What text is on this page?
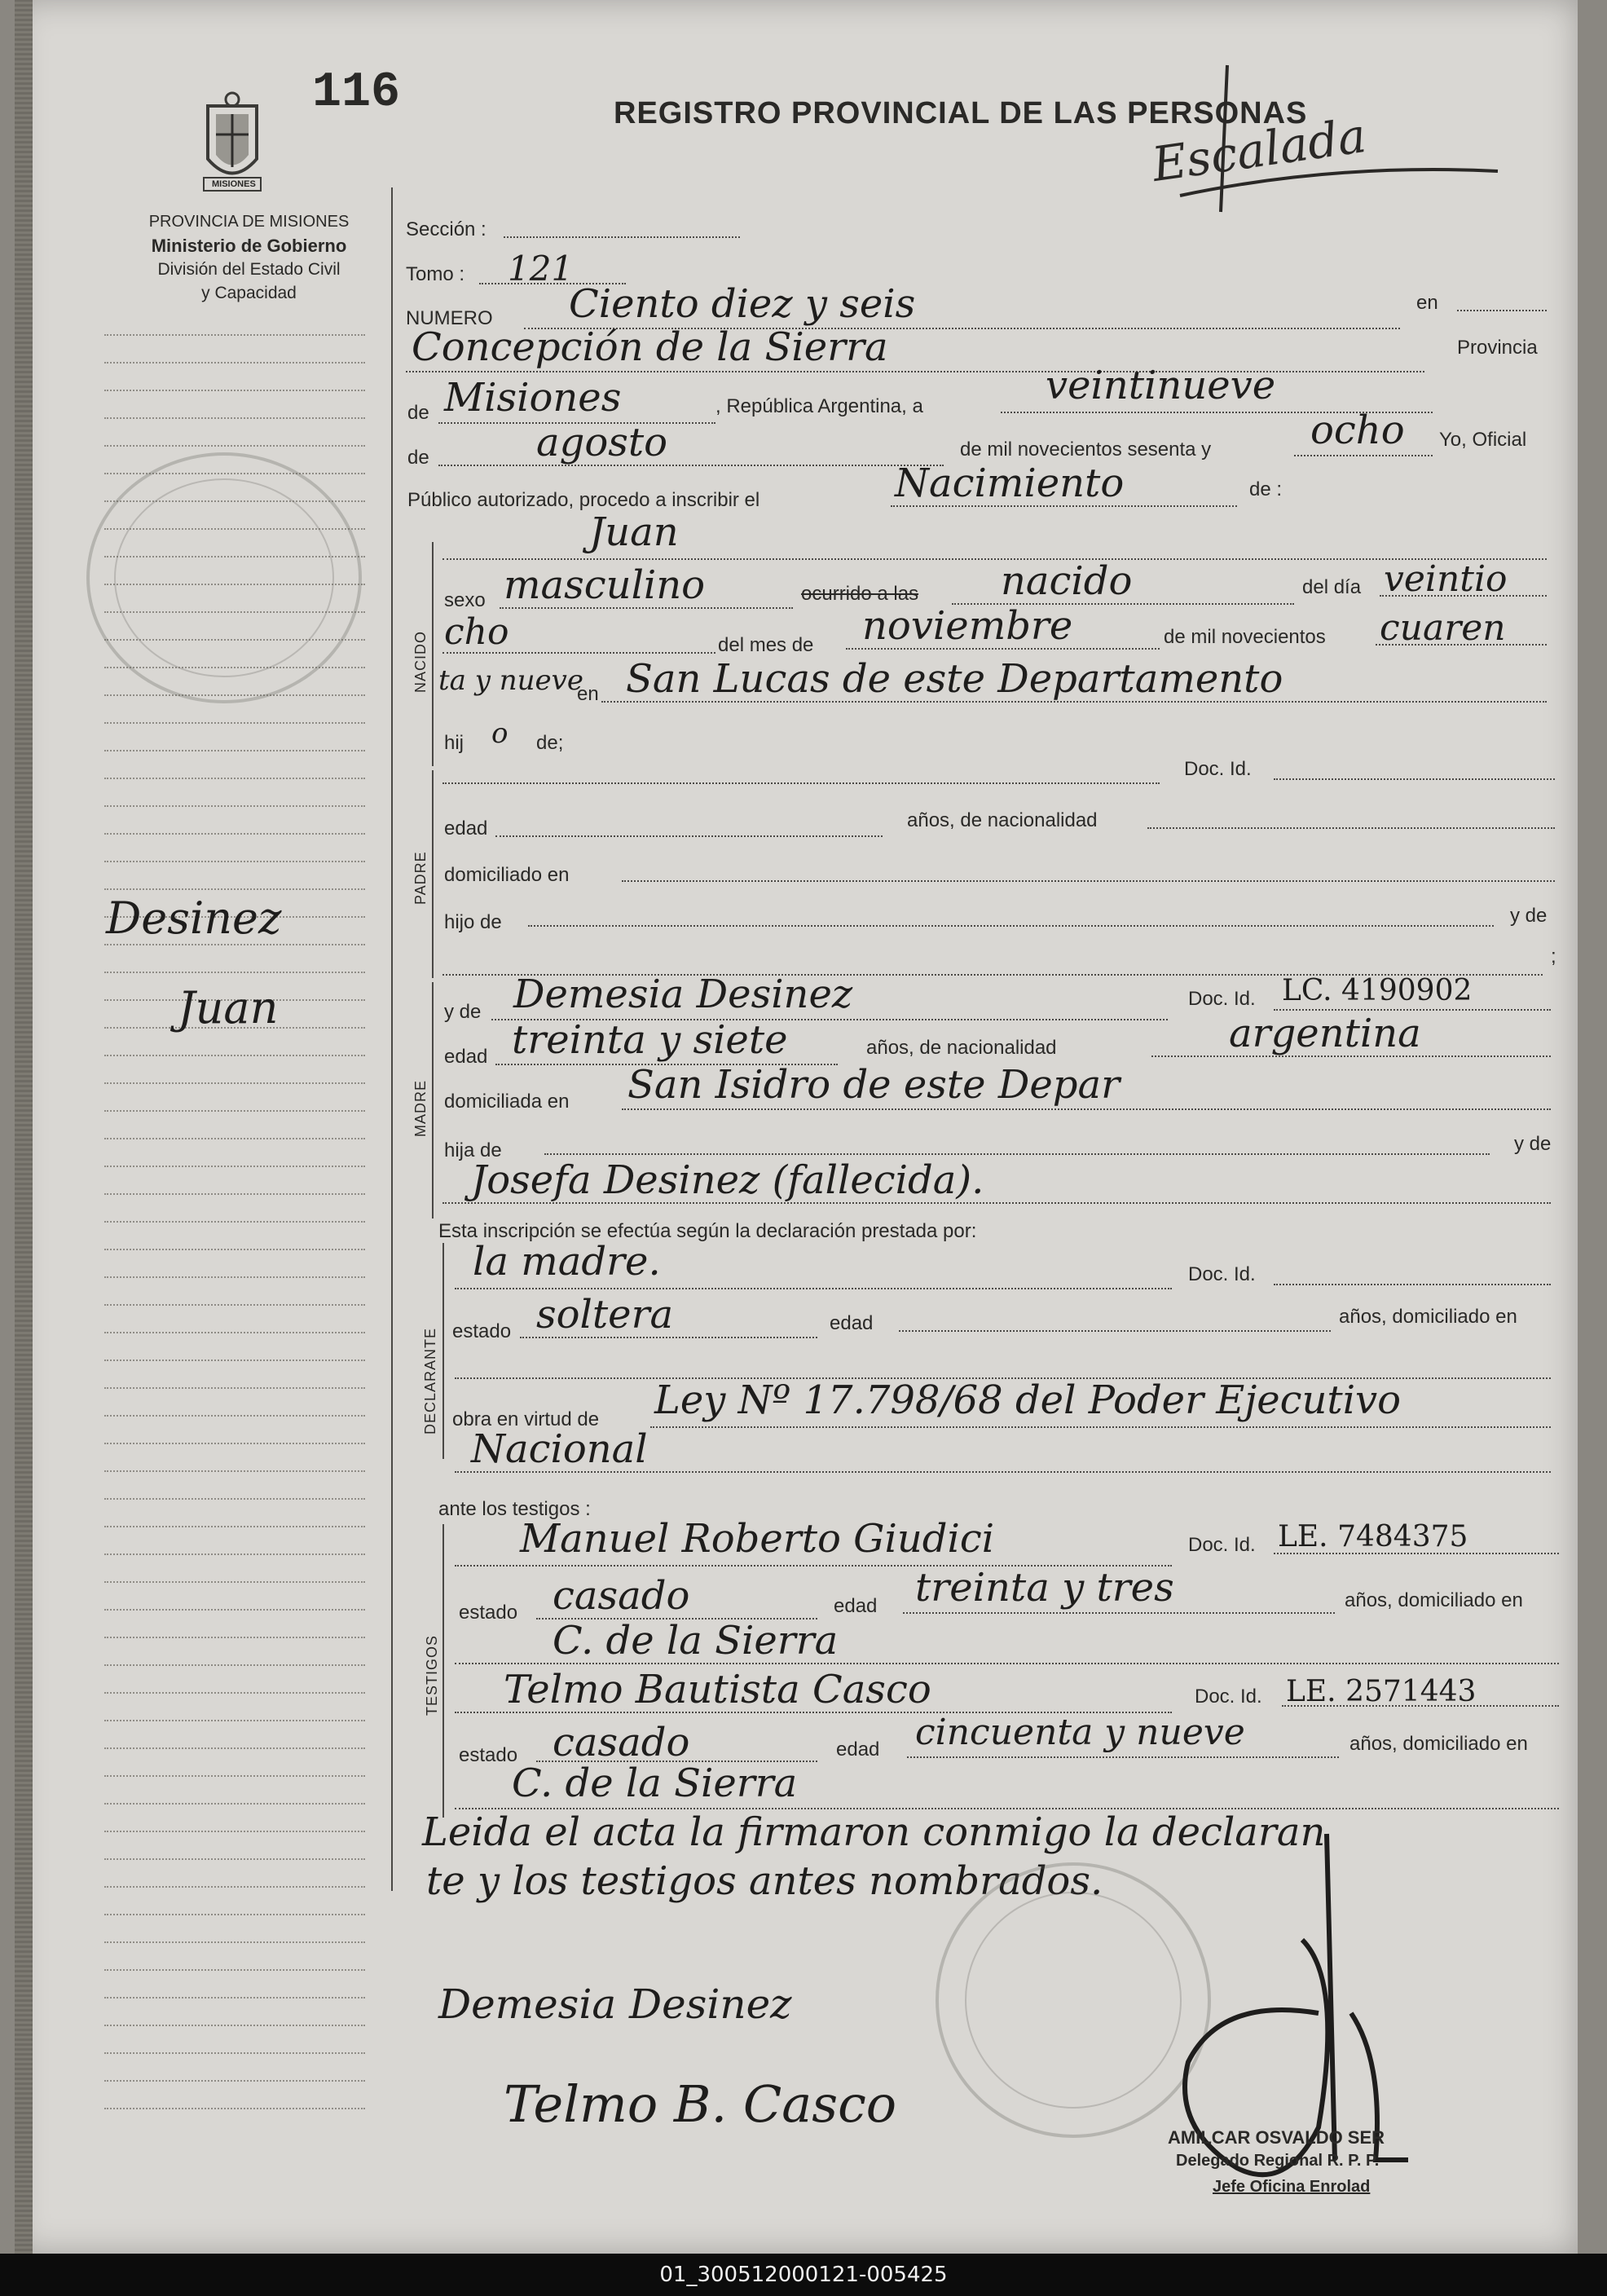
MISIONES
116	REGISTRO PROVINCIAL DE LAS PERSONAS
PROVINCIA DE MISIONES
Ministerio de Gobierno
División del Estado Civil
y Capacidad
Desinez
Juan
Escalada
Sección :
Tomo : 121
NUMERO Ciento diez y seis	en
Concepción de la Sierra	Provincia
de Misiones	, República Argentina, a	veintinueve
de	agosto	de mil novecientos sesenta y	ocho Yo, Oficial
Público autorizado, procedo a inscribir el	Nacimiento	de :
NACIDO
Juan
sexo masculino	ocurrido a las nacido	del día veintio
cho	del mes de noviembre	de mil novecientos cuaren
ta y nueve
en San Lucas de este Departamento
hij o de;
PADRE
Doc. Id.
edad	años, de nacionalidad
domiciliado en
hijo de	y de
;
MADRE
y de Demesia Desinez	Doc. Id. LC. 4190902
edad treinta y siete	años, de nacionalidad	argentina
domiciliada en San Isidro de este Depar
hija de	y de
Josefa Desinez (fallecida).
Esta inscripción se efectúa según la declaración prestada por:
DECLARANTE
la madre.	Doc. Id.
estado soltera	edad	años, domiciliado en
obra en virtud de Ley Nº 17.798/68 del Poder Ejecutivo
Nacional
ante los testigos :
TESTIGOS
Manuel Roberto Giudici	Doc. Id. LE. 7484375
estado casado	edad treinta y tres	años, domiciliado en
C. de la Sierra
Telmo Bautista Casco	Doc. Id. LE. 2571443
estado casado	edad cincuenta y nueve	años, domiciliado en
C. de la Sierra
Leida el acta la firmaron conmigo la declaran
te y los testigos antes nombrados.
Demesia Desinez
Telmo B. Casco
AMILCAR OSVALDO SER
Delegado Regional R. P. P.
Jefe Oficina Enrolad
01_300512000121-005425
